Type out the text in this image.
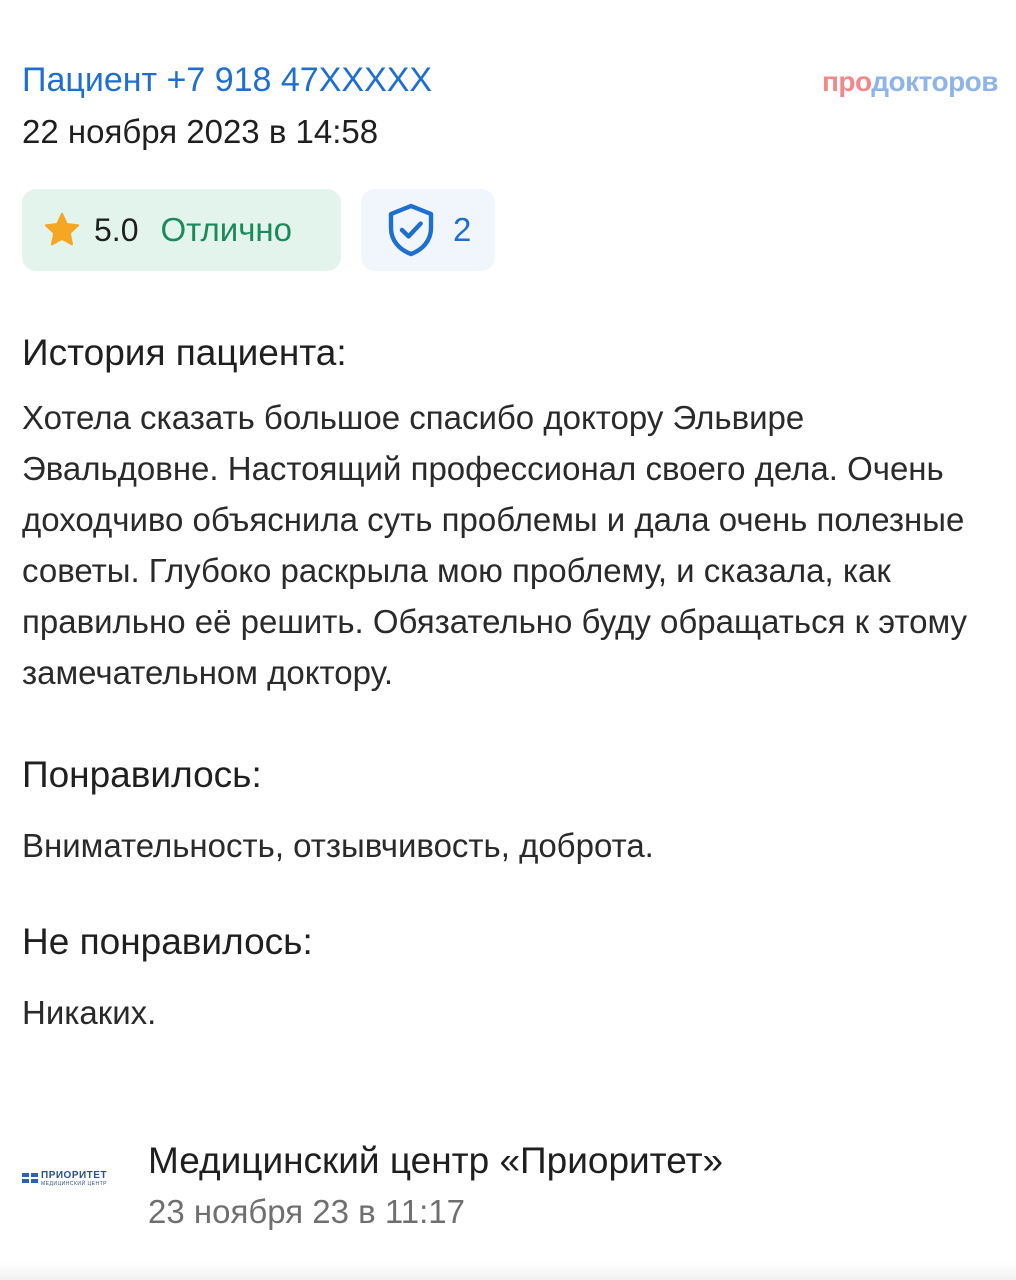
Пациент +7 918 47XXXXX
22 ноября 2023 в 14:58
продокторов
5.0 Отлично	2
История пациента:

Хотела сказать большое спасибо доктору Эльвире Эвальдовне. Настоящий профессионал своего дела. Очень доходчиво объяснила суть проблемы и дала очень полезные советы. Глубоко раскрыла мою проблему, и сказала, как правильно её решить. Обязательно буду обращаться к этому замечательном доктору.

Понравилось:

Внимательность, отзывчивость, доброта.

Не понравилось:

Никаких.

ПРИОРИТЕТ
МЕДИЦИНСКИЙ ЦЕНТР
Медицинский центр «Приоритет»
23 ноября 23 в 11:17
